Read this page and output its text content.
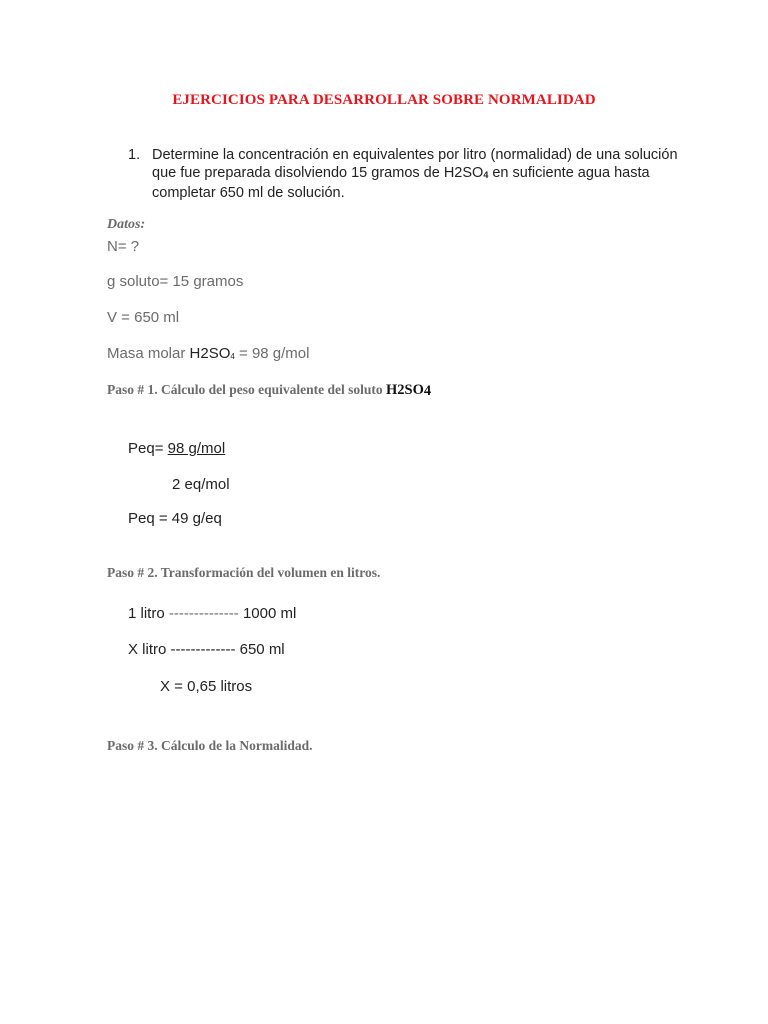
EJERCICIOS PARA DESARROLLAR SOBRE NORMALIDAD
1. Determine la concentración en equivalentes por litro (normalidad) de una solución
que fue preparada disolviendo 15 gramos de H2SO4 en suficiente agua hasta
completar 650 ml de solución.
Datos:
N= ?
g soluto= 15 gramos
V = 650 ml
Masa molar H2SO4 = 98 g/mol
Paso # 1. Cálculo del peso equivalente del soluto H2SO4
Peq= 98 g/mol
2 eq/mol
Peq = 49 g/eq
Paso # 2. Transformación del volumen en litros.
1 litro -------------- 1000 ml
X litro ------------- 650 ml
X = 0,65 litros
Paso # 3. Cálculo de la Normalidad.
